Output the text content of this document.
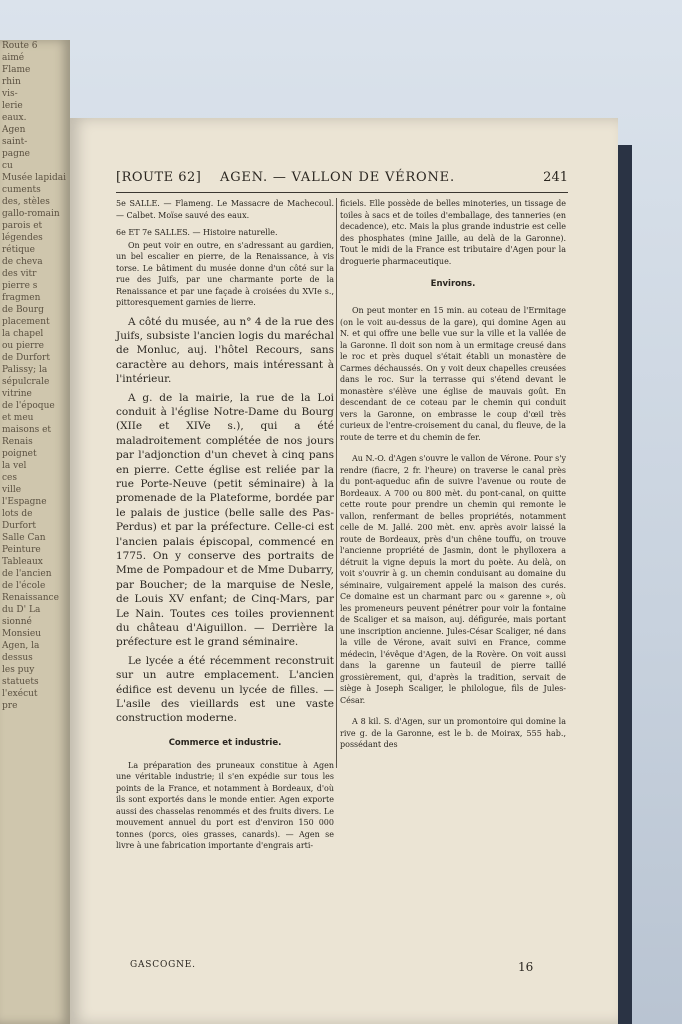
Route 6
aimé
Flame
rhin
vis-
lerie
eaux.
Agen
saint-
pagne
cu
Musée lapidai
cuments
des, stèles
gallo-romain
parois et
légendes
rétique
de cheva
des vitr
pierre s
fragmen
de Bourg
placement
la chapel
ou pierre
de Durfort
Palissy; la
sépulcrale
vitrine
de l'époque
et meu
maisons et
Renais
poignet
la vel
ces
ville
l'Espagne
lots de
Durfort
Salle Can
Peinture
Tableaux
de l'ancien
de l'école
Renaissance
du D' La
sionné
Monsieu
Agen, la
dessus
les puy
statuets
l'exécut
pre
[ROUTE 62] AGEN. — VALLON DE VÉRONE.	241

5e SALLE. — Flameng. Le Massacre de Machecoul. — Calbet. Moïse sauvé des eaux.

6e ET 7e SALLES. — Histoire naturelle.

On peut voir en outre, en s'adressant au gardien, un bel escalier en pierre, de la Renaissance, à vis torse. Le bâtiment du musée donne d'un côté sur la rue des Juifs, par une charmante porte de la Renaissance et par une façade à croisées du XVIe s., pittoresquement garnies de lierre.

A côté du musée, au n° 4 de la rue des Juifs, subsiste l'ancien logis du maréchal de Monluc, auj. l'hôtel Recours, sans caractère au dehors, mais intéressant à l'intérieur.

A g. de la mairie, la rue de la Loi conduit à l'église Notre-Dame du Bourg (XIIe et XIVe s.), qui a été maladroitement complétée de nos jours par l'adjonction d'un chevet à cinq pans en pierre. Cette église est reliée par la rue Porte-Neuve (petit séminaire) à la promenade de la Plateforme, bordée par le palais de justice (belle salle des Pas-Perdus) et par la préfecture. Celle-ci est l'ancien palais épiscopal, commencé en 1775. On y conserve des portraits de Mme de Pompadour et de Mme Dubarry, par Boucher; de la marquise de Nesle, de Louis XV enfant; de Cinq-Mars, par Le Nain. Toutes ces toiles proviennent du château d'Aiguillon. — Derrière la préfecture est le grand séminaire.

Le lycée a été récemment reconstruit sur un autre emplacement. L'ancien édifice est devenu un lycée de filles. — L'asile des vieillards est une vaste construction moderne.

Commerce et industrie.

La préparation des pruneaux constitue à Agen une véritable industrie; il s'en expédie sur tous les points de la France, et notamment à Bordeaux, d'où ils sont exportés dans le monde entier. Agen exporte aussi des chasselas renommés et des fruits divers. Le mouvement annuel du port est d'environ 150 000 tonnes (porcs, oies grasses, canards). — Agen se livre à une fabrication importante d'engrais arti-

ficiels. Elle possède de belles minoteries, un tissage de toiles à sacs et de toiles d'emballage, des tanneries (en decadence), etc. Mais la plus grande industrie est celle des phosphates (mine Jaille, au delà de la Garonne). Tout le midi de la France est tributaire d'Agen pour la droguerie pharmaceutique.

Environs.

On peut monter en 15 min. au coteau de l'Ermitage (on le voit au-dessus de la gare), qui domine Agen au N. et qui offre une belle vue sur la ville et la vallée de la Garonne. Il doit son nom à un ermitage creusé dans le roc et près duquel s'était établi un monastère de Carmes déchaussés. On y voit deux chapelles creusées dans le roc. Sur la terrasse qui s'étend devant le monastère s'élève une église de mauvais goût. En descendant de ce coteau par le chemin qui conduit vers la Garonne, on embrasse le coup d'œil très curieux de l'entre-croisement du canal, du fleuve, de la route de terre et du chemin de fer.

Au N.-O. d'Agen s'ouvre le vallon de Vérone. Pour s'y rendre (fiacre, 2 fr. l'heure) on traverse le canal près du pont-aqueduc afin de suivre l'avenue ou route de Bordeaux. A 700 ou 800 mèt. du pont-canal, on quitte cette route pour prendre un chemin qui remonte le vallon, renfermant de belles propriétés, notamment celle de M. Jallé. 200 mèt. env. après avoir laissé la route de Bordeaux, près d'un chêne touffu, on trouve l'ancienne propriété de Jasmin, dont le phylloxera a détruit la vigne depuis la mort du poète. Au delà, on voit s'ouvrir à g. un chemin conduisant au domaine du séminaire, vulgairement appelé la maison des curés. Ce domaine est un charmant parc ou « garenne », où les promeneurs peuvent pénétrer pour voir la fontaine de Scaliger et sa maison, auj. défigurée, mais portant une inscription ancienne. Jules-César Scaliger, né dans la ville de Vérone, avait suivi en France, comme médecin, l'évêque d'Agen, de la Rovère. On voit aussi dans la garenne un fauteuil de pierre taillé grossièrement, qui, d'après la tradition, servait de siège à Joseph Scaliger, le philologue, fils de Jules-César.

A 8 kil. S. d'Agen, sur un promontoire qui domine la rive g. de la Garonne, est le b. de Moirax, 555 hab., possédant des

GASCOGNE.	16
